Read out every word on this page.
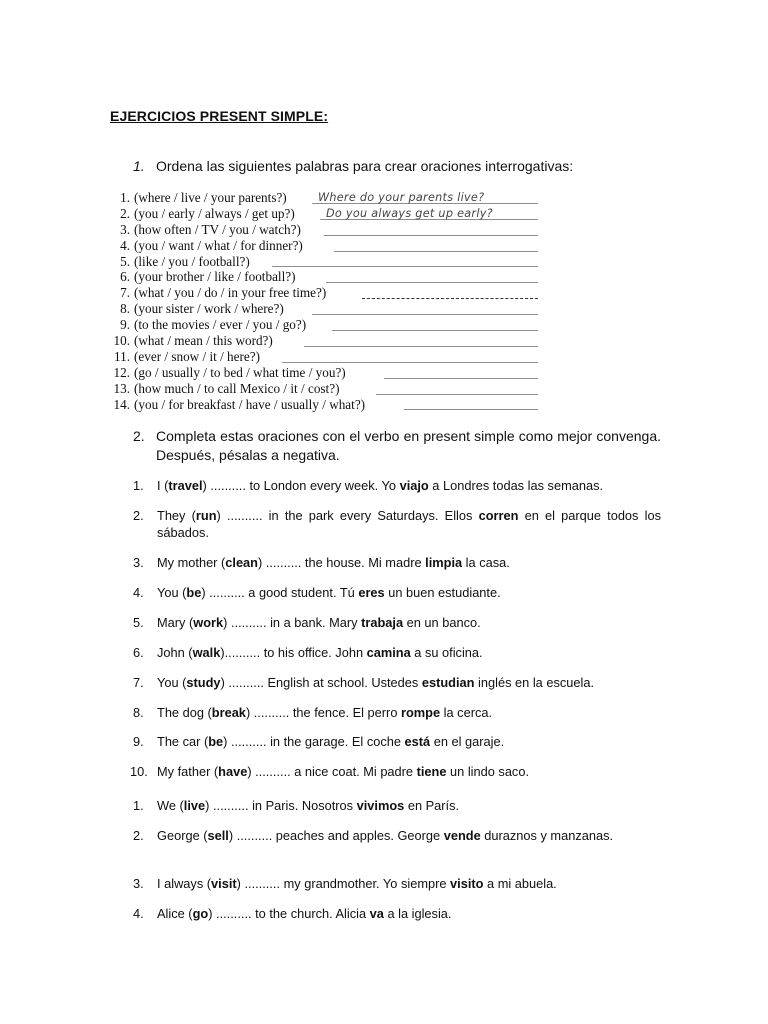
EJERCICIOS PRESENT SIMPLE:
1. Ordena las siguientes palabras para crear oraciones interrogativas:
1. (where / live / your parents?)	Where do your parents live?
2. (you / early / always / get up?)	Do you always get up early?
3. (how often / TV / you / watch?)
4. (you / want / what / for dinner?)
5. (like / you / football?)
6. (your brother / like / football?)
7. (what / you / do / in your free time?)
8. (your sister / work / where?)
9. (to the movies / ever / you / go?)
10. (what / mean / this word?)
11. (ever / snow / it / here?)
12. (go / usually / to bed / what time / you?)
13. (how much / to call Mexico / it / cost?)
14. (you / for breakfast / have / usually / what?)
2. Completa estas oraciones con el verbo en present simple como mejor convenga. Después, pésalas a negativa.
1. I (travel) .......... to London every week. Yo viajo a Londres todas las semanas.
2. They (run) .......... in the park every Saturdays. Ellos corren en el parque todos los sábados.
3. My mother (clean) .......... the house. Mi madre limpia la casa.
4. You (be) .......... a good student. Tú eres un buen estudiante.
5. Mary (work) .......... in a bank. Mary trabaja en un banco.
6. John (walk).......... to his office. John camina a su oficina.
7. You (study) .......... English at school. Ustedes estudian inglés en la escuela.
8. The dog (break) .......... the fence. El perro rompe la cerca.
9. The car (be) .......... in the garage. El coche está en el garaje.
10. My father (have) .......... a nice coat. Mi padre tiene un lindo saco.
1. We (live) .......... in Paris. Nosotros vivimos en París.
2. George (sell) .......... peaches and apples. George vende duraznos y manzanas.
3. I always (visit) .......... my grandmother. Yo siempre visito a mi abuela.
4. Alice (go) .......... to the church. Alicia va a la iglesia.
